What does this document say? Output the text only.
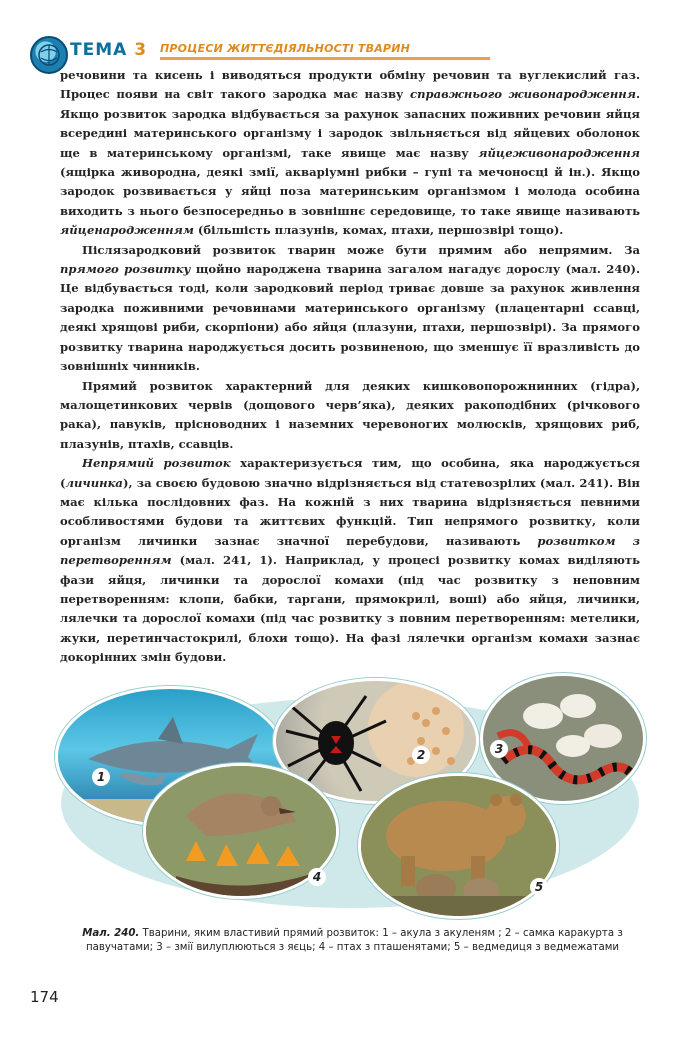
ТЕМА 3 ПРОЦЕСИ ЖИТТЄДІЯЛЬНОСТІ ТВАРИН

речовини та кисень і виводяться продукти обміну речовин та вуглекислий газ. Процес появи на світ такого зародка має назву справжнього живонародження. Якщо розвиток зародка відбувається за рахунок запасних поживних речовин яйця всередині материнського організму і зародок звільняється від яйцевих оболонок ще в материнському організмі, таке явище має назву яйцеживонародження (ящірка живородна, деякі змії, акваріумні рибки – гупі та мечоносці й ін.). Якщо зародок розвивається у яйці поза материнським організмом і молода особина виходить з нього безпосередньо в зовнішнє середовище, то таке явище називають яйценародженням (більшість плазунів, комах, птахи, першозвірі тощо).

Післязародковий розвиток тварин може бути прямим або непрямим. За прямого розвитку щойно народжена тварина загалом нагадує дорослу (мал. 240). Це відбувається тоді, коли зародковий період триває довше за рахунок живлення зародка поживними речовинами материнського організму (плацентарні ссавці, деякі хрящові риби, скорпіони) або яйця (плазуни, птахи, першозвірі). За прямого розвитку тварина народжується досить розвиненою, що зменшує її вразливість до зовнішніх чинників.

Прямий розвиток характерний для деяких кишковопорожнинних (гідра), малощетинкових червів (дощового черв’яка), деяких ракоподібних (річкового рака), павуків, прісноводних і наземних черевоногих молюсків, хрящових риб, плазунів, птахів, ссавців.

Непрямий розвиток характеризується тим, що особина, яка народжується (личинка), за своєю будовою значно відрізняється від статевозрілих (мал. 241). Він має кілька послідовних фаз. На кожній з них тварина відрізняється певними особливостями будови та життєвих функцій. Тип непрямого розвитку, коли організм личинки зазнає значної перебудови, називають розвитком з перетворенням (мал. 241, 1). Наприклад, у процесі розвитку комах виділяють фази яйця, личинки та дорослої комахи (під час розвитку з неповним перетворенням: клопи, бабки, таргани, прямокрилі, воші) або яйця, личинки, лялечки та дорослої комахи (під час розвитку з повним перетворенням: метелики, жуки, перетинчастокрилі, блохи тощо). На фазі лялечки організм комахи зазнає докорінних змін будови.

1
2	3
4
5
Мал. 240. Тварини, яким властивий прямий розвиток: 1 – акула з акуленям ; 2 – самка каракурта з павучатами; 3 – змії вилуплюються з яєць; 4 – птах з пташенятами; 5 – ведмедиця з ведмежатами
174
